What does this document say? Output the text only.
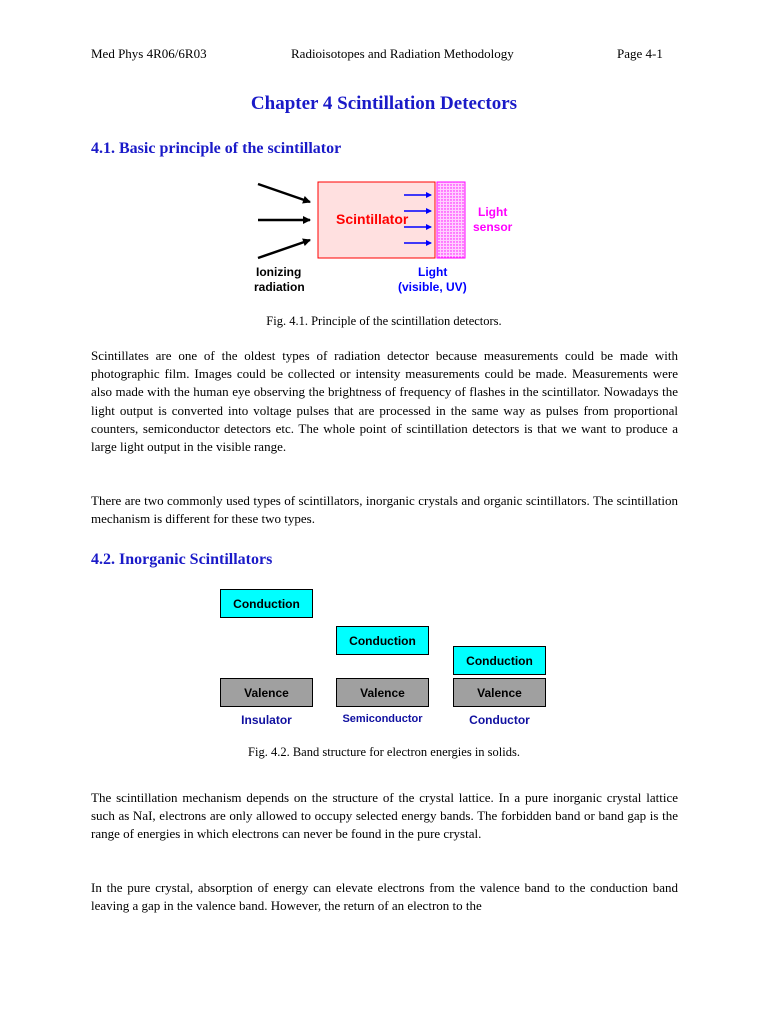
Med Phys 4R06/6R03	Radioisotopes and Radiation Methodology	Page 4-1
Chapter 4 Scintillation Detectors
4.1. Basic principle of the scintillator
Scintillator	Light
sensor
Ionizing
radiation
Light
(visible, UV)

Fig. 4.1. Principle of the scintillation detectors.

Scintillates are one of the oldest types of radiation detector because measurements could be made with photographic film. Images could be collected or intensity measurements could be made. Measurements were also made with the human eye observing the brightness of frequency of flashes in the scintillator. Nowadays the light output is converted into voltage pulses that are processed in the same way as pulses from proportional counters, semiconductor detectors etc. The whole point of scintillation detectors is that we want to produce a large light output in the visible range.

There are two commonly used types of scintillators, inorganic crystals and organic scintillators. The scintillation mechanism is different for these two types.

4.2. Inorganic Scintillators
Conduction
Conduction
Conduction
Valence	Valence	Valence
Insulator	Semiconductor	Conductor

Fig. 4.2. Band structure for electron energies in solids.

The scintillation mechanism depends on the structure of the crystal lattice. In a pure inorganic crystal lattice such as NaI, electrons are only allowed to occupy selected energy bands. The forbidden band or band gap is the range of energies in which electrons can never be found in the pure crystal.

In the pure crystal, absorption of energy can elevate electrons from the valence band to the conduction band leaving a gap in the valence band. However, the return of an electron to the
